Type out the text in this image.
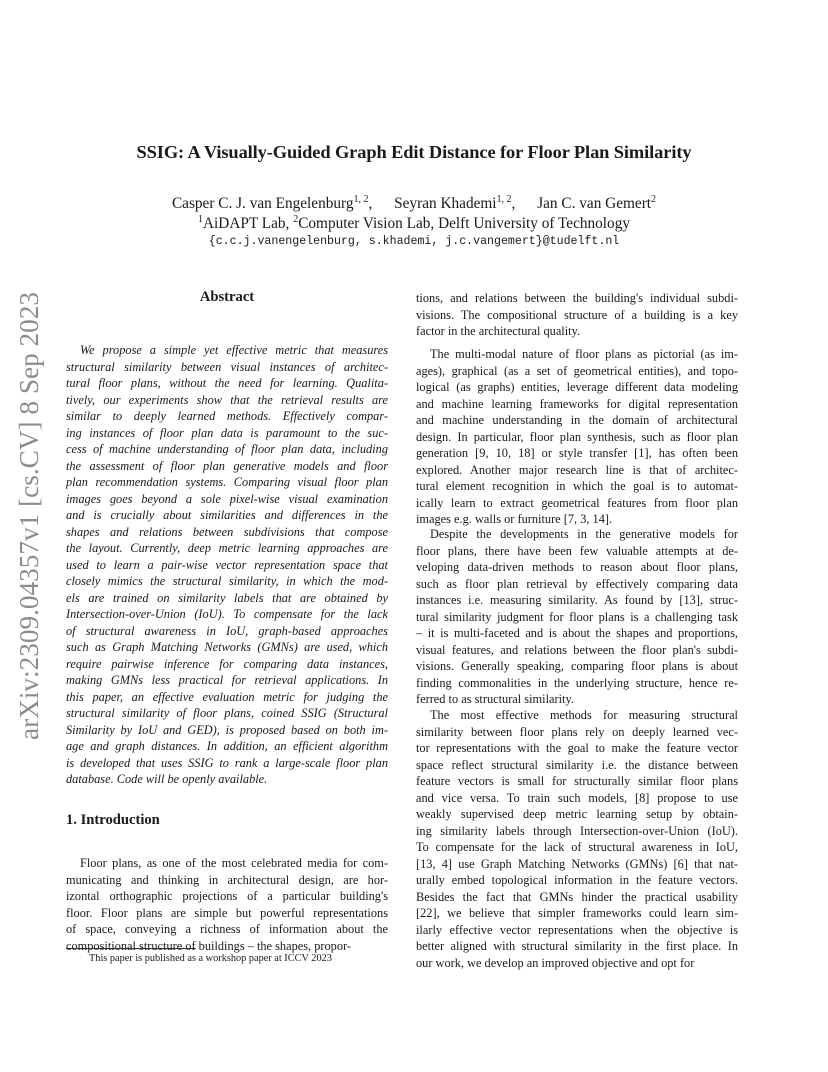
SSIG: A Visually-Guided Graph Edit Distance for Floor Plan Similarity
Casper C. J. van Engelenburg$^{1, 2}$, Seyran Khademi$^{1, 2}$, Jan C. van Gemert$^2$
$^1$AiDAPT Lab, $^2$Computer Vision Lab, Delft University of Technology
{c.c.j.vanengelenburg, s.khademi, j.c.vangemert}@tudelft.nl
arXiv:2309.04357v1 [cs.CV] 8 Sep 2023	Abstract
We propose a simple yet effective metric that measures
structural similarity between visual instances of architec-
tural floor plans, without the need for learning. Qualita-
tively, our experiments show that the retrieval results are
similar to deeply learned methods. Effectively compar-
ing instances of floor plan data is paramount to the suc-
cess of machine understanding of floor plan data, including
the assessment of floor plan generative models and floor
plan recommendation systems. Comparing visual floor plan
images goes beyond a sole pixel-wise visual examination
and is crucially about similarities and differences in the
shapes and relations between subdivisions that compose
the layout. Currently, deep metric learning approaches are
used to learn a pair-wise vector representation space that
closely mimics the structural similarity, in which the mod-
els are trained on similarity labels that are obtained by
Intersection-over-Union (IoU). To compensate for the lack
of structural awareness in IoU, graph-based approaches
such as Graph Matching Networks (GMNs) are used, which
require pairwise inference for comparing data instances,
making GMNs less practical for retrieval applications. In
this paper, an effective evaluation metric for judging the
structural similarity of floor plans, coined SSIG (Structural
Similarity by IoU and GED), is proposed based on both im-
age and graph distances. In addition, an efficient algorithm
is developed that uses SSIG to rank a large-scale floor plan
database. Code will be openly available.
1. Introduction
Floor plans, as one of the most celebrated media for com-
municating and thinking in architectural design, are hor-
izontal orthographic projections of a particular building's
floor. Floor plans are simple but powerful representations
of space, conveying a richness of information about the
compositional structure of buildings – the shapes, propor-
This paper is published as a workshop paper at ICCV 2023
tions, and relations between the building's individual subdi-
visions. The compositional structure of a building is a key
factor in the architectural quality.
The multi-modal nature of floor plans as pictorial (as im-
ages), graphical (as a set of geometrical entities), and topo-
logical (as graphs) entities, leverage different data modeling
and machine learning frameworks for digital representation
and machine understanding in the domain of architectural
design. In particular, floor plan synthesis, such as floor plan
generation [9, 10, 18] or style transfer [1], has often been
explored. Another major research line is that of architec-
tural element recognition in which the goal is to automat-
ically learn to extract geometrical features from floor plan
images e.g. walls or furniture [7, 3, 14].
Despite the developments in the generative models for
floor plans, there have been few valuable attempts at de-
veloping data-driven methods to reason about floor plans,
such as floor plan retrieval by effectively comparing data
instances i.e. measuring similarity. As found by [13], struc-
tural similarity judgment for floor plans is a challenging task
– it is multi-faceted and is about the shapes and proportions,
visual features, and relations between the floor plan's subdi-
visions. Generally speaking, comparing floor plans is about
finding commonalities in the underlying structure, hence re-
ferred to as structural similarity.
The most effective methods for measuring structural
similarity between floor plans rely on deeply learned vec-
tor representations with the goal to make the feature vector
space reflect structural similarity i.e. the distance between
feature vectors is small for structurally similar floor plans
and vice versa. To train such models, [8] propose to use
weakly supervised deep metric learning setup by obtain-
ing similarity labels through Intersection-over-Union (IoU).
To compensate for the lack of structural awareness in IoU,
[13, 4] use Graph Matching Networks (GMNs) [6] that nat-
urally embed topological information in the feature vectors.
Besides the fact that GMNs hinder the practical usability
[22], we believe that simpler frameworks could learn sim-
ilarly effective vector representations when the objective is
better aligned with structural similarity in the first place. In
our work, we develop an improved objective and opt for
